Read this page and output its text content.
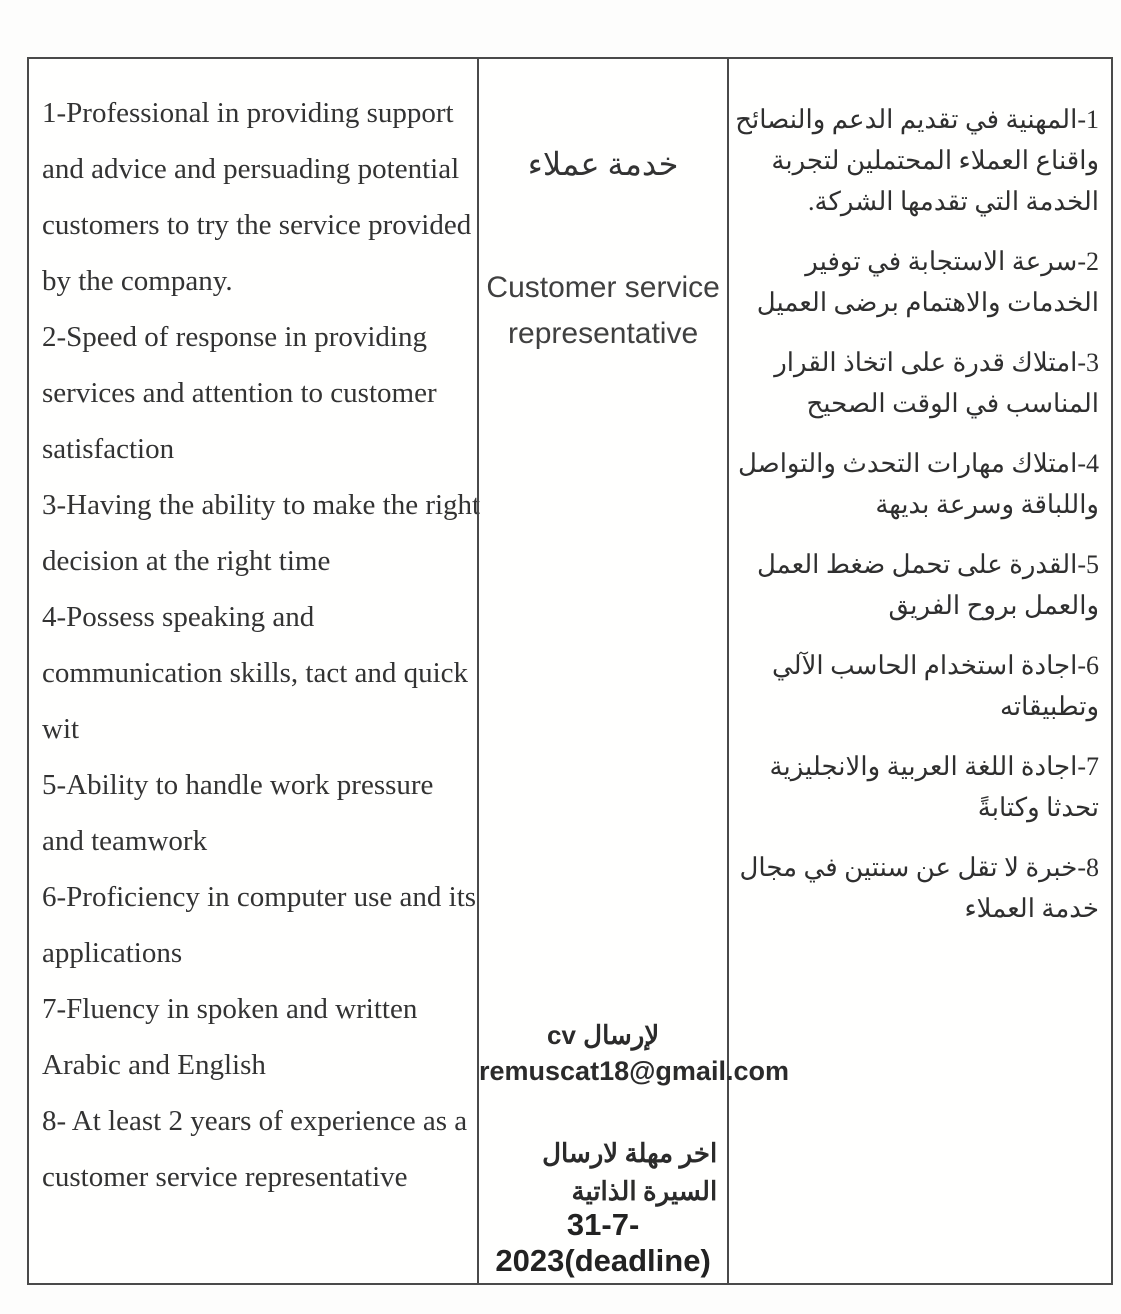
1-Professional in providing support
and advice and persuading potential
customers to try the service provided
by the company.

2-Speed of response in providing
services and attention to customer
satisfaction

3-Having the ability to make the right
decision at the right time

4-Possess speaking and
communication skills, tact and quick
wit

5-Ability to handle work pressure
and teamwork

6-Proficiency in computer use and its
applications

7-Fluency in spoken and written
Arabic and English

8- At least 2 years of experience as a
customer service representative

خدمة عملاء
Customer service representative
لإرسال cv
remuscat18@gmail.com
اخر مهلة لارسال السيرة الذاتية
31-7-2023(deadline)

1-المهنية في تقديم الدعم والنصائح
واقناع العملاء المحتملين لتجربة
الخدمة التي تقدمها الشركة.

2-سرعة الاستجابة في توفير
الخدمات والاهتمام برضى العميل

3-امتلاك قدرة على اتخاذ القرار
المناسب في الوقت الصحيح

4-امتلاك مهارات التحدث والتواصل
واللباقة وسرعة بديهة

5-القدرة على تحمل ضغط العمل
والعمل بروح الفريق

6-اجادة استخدام الحاسب الآلي
وتطبيقاته

7-اجادة اللغة العربية والانجليزية
تحدثا وكتابةً

8-خبرة لا تقل عن سنتين في مجال
خدمة العملاء
